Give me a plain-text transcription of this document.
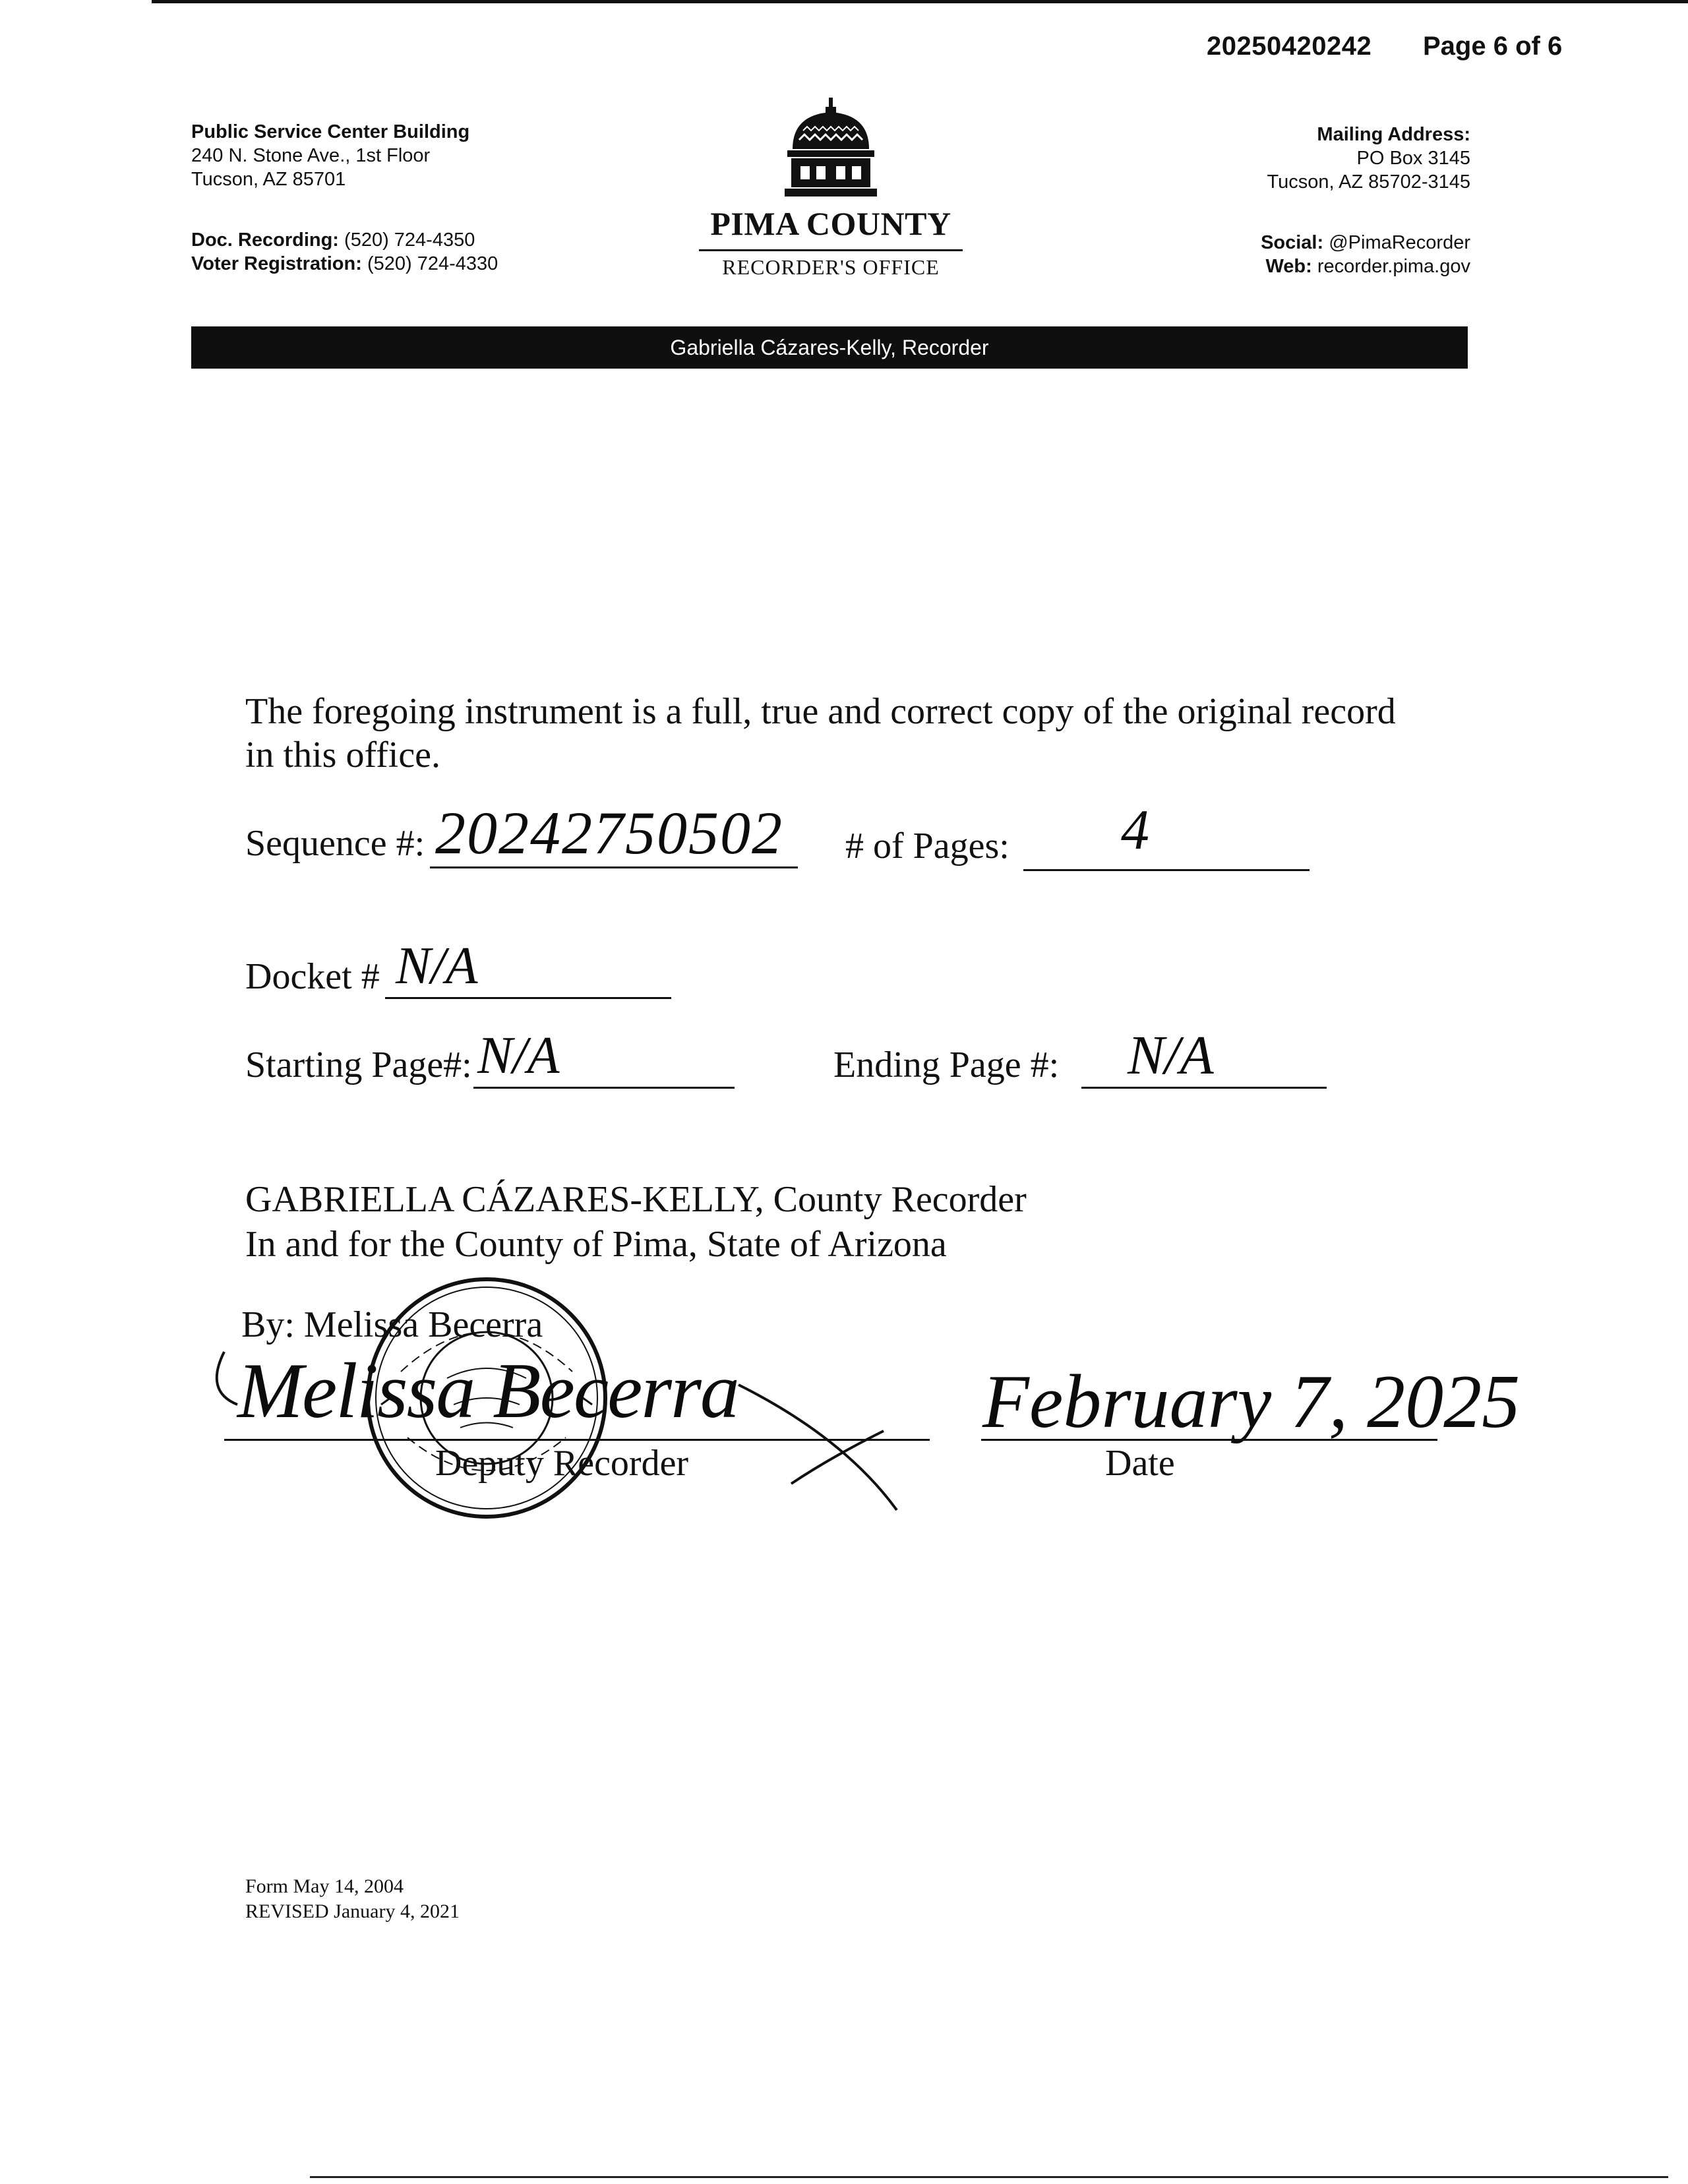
20250420242 Page 6 of 6
Public Service Center Building
240 N. Stone Ave., 1st Floor
Tucson, AZ 85701
Doc. Recording: (520) 724-4350
Voter Registration: (520) 724-4330
PIMA COUNTY
RECORDER'S OFFICE
Mailing Address:
PO Box 3145
Tucson, AZ 85702-3145
Social: @PimaRecorder
Web: recorder.pima.gov
Gabriella Cázares-Kelly, Recorder
The foregoing instrument is a full, true and correct copy of the original record
in this office.
Sequence #: 20242750502 # of Pages: 4
Docket # N/A
Starting Page#: N/A	Ending Page #: N/A
GABRIELLA CÁZARES-KELLY, County Recorder
In and for the County of Pima, State of Arizona
By: Melissa Becerra
Melissa Becerra
Deputy Recorder
February 7, 2025
Date
Form May 14, 2004
REVISED January 4, 2021
